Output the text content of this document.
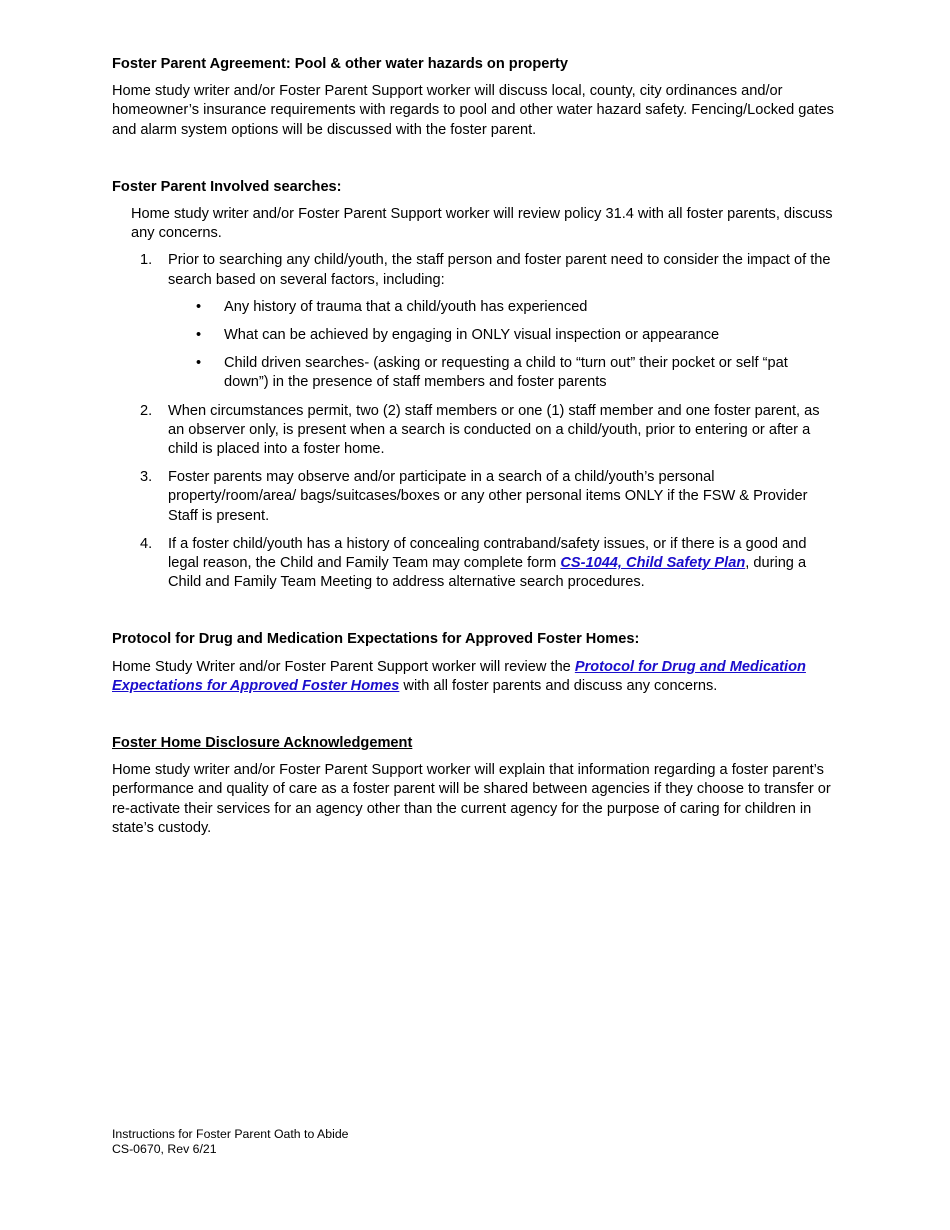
Foster Parent Agreement: Pool & other water hazards on property

Home study writer and/or Foster Parent Support worker will discuss local, county, city ordinances and/or homeowner’s insurance requirements with regards to pool and other water hazard safety. Fencing/Locked gates and alarm system options will be discussed with the foster parent.

Foster Parent Involved searches:

Home study writer and/or Foster Parent Support worker will review policy 31.4 with all foster parents, discuss any concerns.

1. Prior to searching any child/youth, the staff person and foster parent need to consider the impact of the search based on several factors, including:
• Any history of trauma that a child/youth has experienced
• What can be achieved by engaging in ONLY visual inspection or appearance
• Child driven searches- (asking or requesting a child to “turn out” their pocket or self “pat down”) in the presence of staff members and foster parents
2. When circumstances permit, two (2) staff members or one (1) staff member and one foster parent, as an observer only, is present when a search is conducted on a child/youth, prior to entering or after a child is placed into a foster home.
3. Foster parents may observe and/or participate in a search of a child/youth’s personal property/room/area/ bags/suitcases/boxes or any other personal items ONLY if the FSW & Provider Staff is present.
4. If a foster child/youth has a history of concealing contraband/safety issues, or if there is a good and legal reason, the Child and Family Team may complete form CS-1044, Child Safety Plan, during a Child and Family Team Meeting to address alternative search procedures.
Protocol for Drug and Medication Expectations for Approved Foster Homes:

Home Study Writer and/or Foster Parent Support worker will review the Protocol for Drug and Medication Expectations for Approved Foster Homes with all foster parents and discuss any concerns.

Foster Home Disclosure Acknowledgement

Home study writer and/or Foster Parent Support worker will explain that information regarding a foster parent’s performance and quality of care as a foster parent will be shared between agencies if they choose to transfer or re-activate their services for an agency other than the current agency for the purpose of caring for children in state’s custody.

Instructions for Foster Parent Oath to Abide
CS-0670, Rev 6/21
